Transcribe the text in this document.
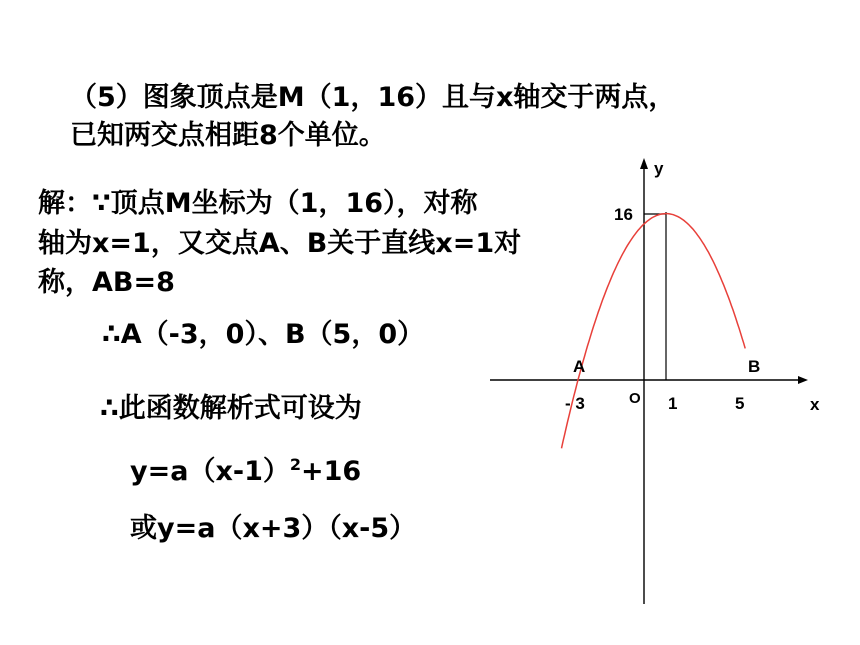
（5）图象顶点是M（1，16）且与x轴交于两点，
已知两交点相距8个单位。
解：∵顶点M坐标为（1，16），对称
轴为x=1，又交点A、B关于直线x=1对
称，AB=8
∴A（-3，0）、B（5，0）
∴此函数解析式可设为
$y=a(x-1)^2+16$
或y=a（x+3）（x-5）
y
x
16
A	B
- 3	O 1	5
